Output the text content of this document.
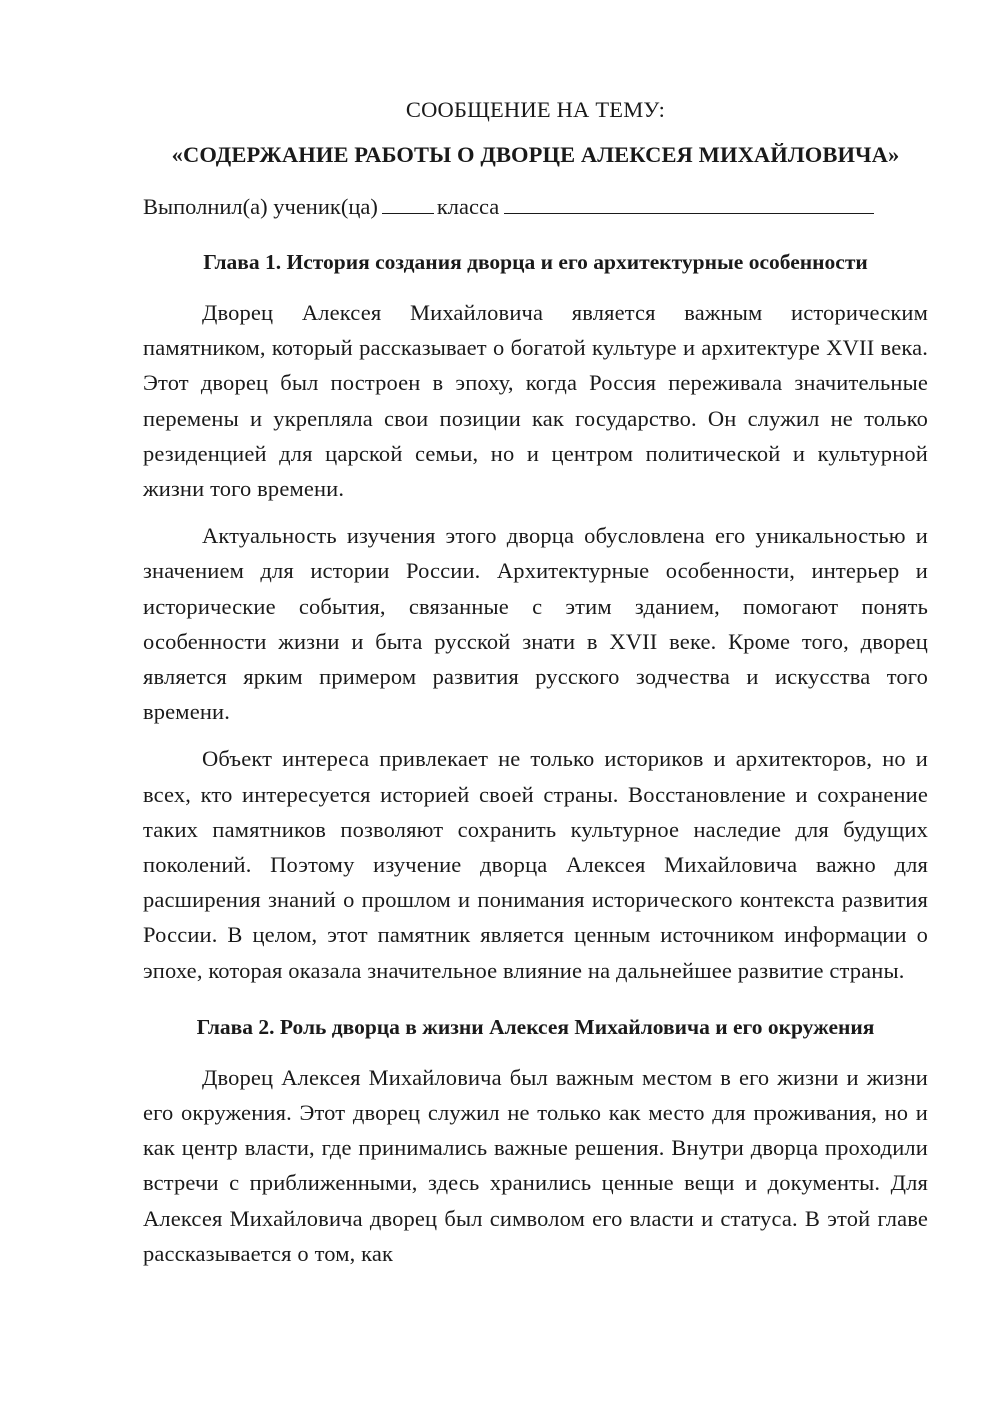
СООБЩЕНИЕ НА ТЕМУ:
«СОДЕРЖАНИЕ РАБОТЫ О ДВОРЦЕ АЛЕКСЕЯ МИХАЙЛОВИЧА»

Выполнил(а) ученик(ца)	класса

Глава 1. История создания дворца и его архитектурные особенности

Дворец Алексея Михайловича является важным историческим памятником, который рассказывает о богатой культуре и архитектуре XVII века. Этот дворец был построен в эпоху, когда Россия переживала значительные перемены и укрепляла свои позиции как государство. Он служил не только резиденцией для царской семьи, но и центром политической и культурной жизни того времени.

Актуальность изучения этого дворца обусловлена его уникальностью и значением для истории России. Архитектурные особенности, интерьер и исторические события, связанные с этим зданием, помогают понять особенности жизни и быта русской знати в XVII веке. Кроме того, дворец является ярким примером развития русского зодчества и искусства того времени.

Объект интереса привлекает не только историков и архитекторов, но и всех, кто интересуется историей своей страны. Восстановление и сохранение таких памятников позволяют сохранить культурное наследие для будущих поколений. Поэтому изучение дворца Алексея Михайловича важно для расширения знаний о прошлом и понимания исторического контекста развития России. В целом, этот памятник является ценным источником информации о эпохе, которая оказала значительное влияние на дальнейшее развитие страны.

Глава 2. Роль дворца в жизни Алексея Михайловича и его окружения

Дворец Алексея Михайловича был важным местом в его жизни и жизни его окружения. Этот дворец служил не только как место для проживания, но и как центр власти, где принимались важные решения. Внутри дворца проходили встречи с приближенными, здесь хранились ценные вещи и документы. Для Алексея Михайловича дворец был символом его власти и статуса. В этой главе рассказывается о том, как
